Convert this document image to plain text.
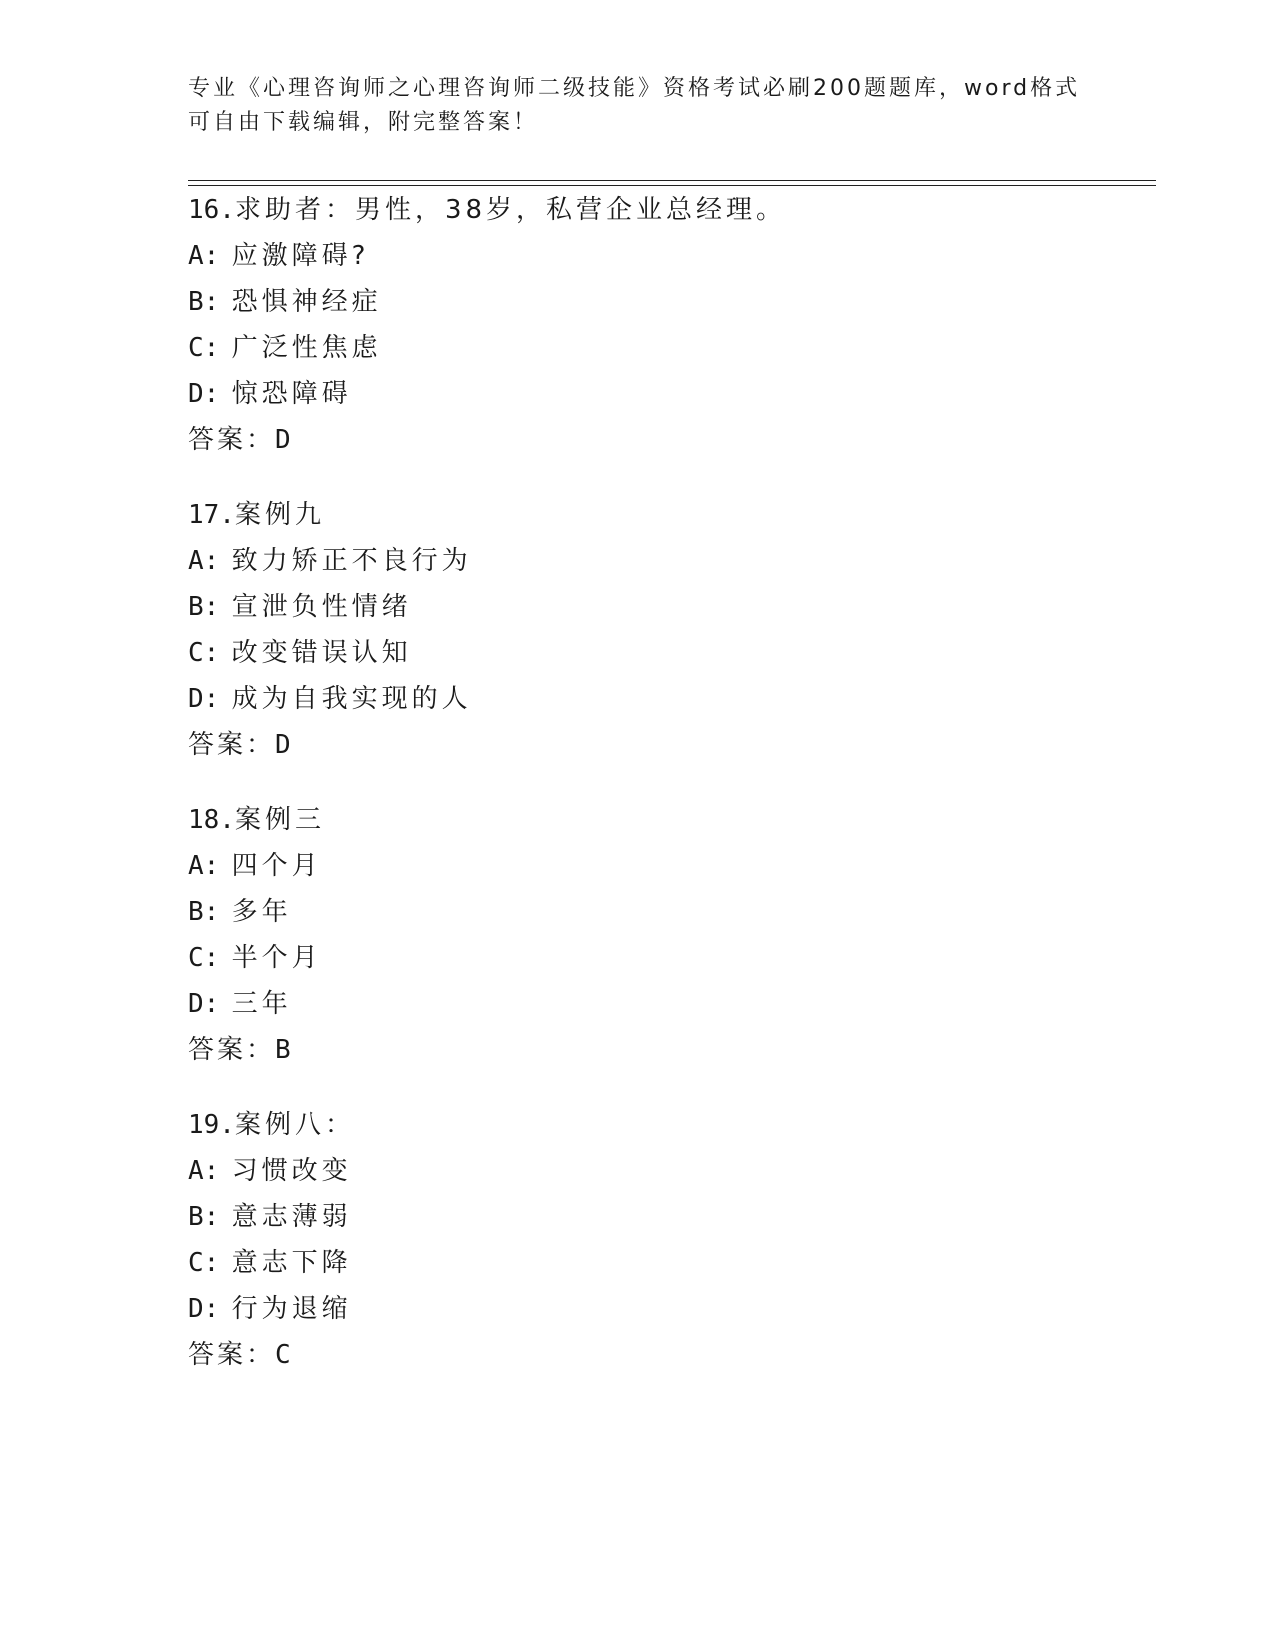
专业《心理咨询师之心理咨询师二级技能》资格考试必刷200题题库，word格式
可自由下载编辑，附完整答案！
16.求助者：男性，38岁，私营企业总经理。
A: 应激障碍?
B: 恐惧神经症
C: 广泛性焦虑
D: 惊恐障碍
答案：D
17.案例九
A: 致力矫正不良行为
B: 宣泄负性情绪
C: 改变错误认知
D: 成为自我实现的人
答案：D
18.案例三
A: 四个月
B: 多年
C: 半个月
D: 三年
答案：B
19.案例八：
A: 习惯改变
B: 意志薄弱
C: 意志下降
D: 行为退缩
答案：C
